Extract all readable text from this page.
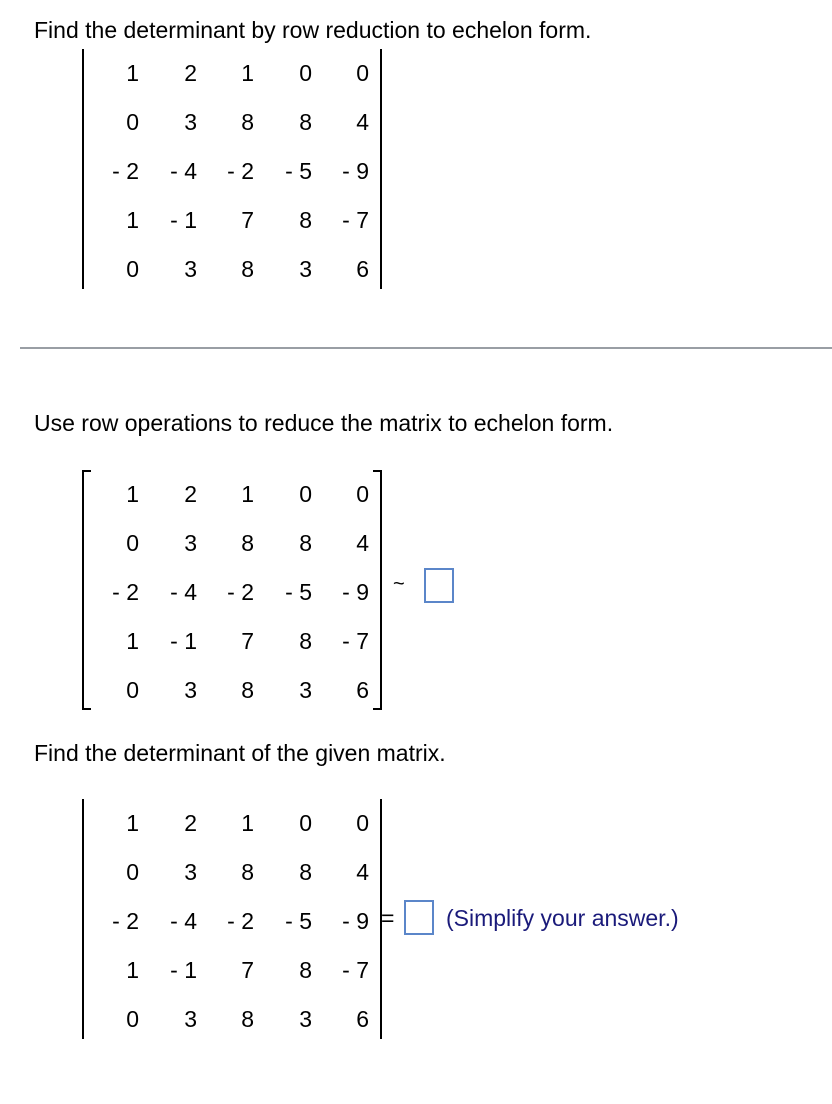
Find the determinant by row reduction to echelon form.
1	2	1	0	0
0	3	8	8	4
- 2	- 4	- 2	- 5	- 9
1	- 1	7	8	- 7
0	3	8	3	6
Use row operations to reduce the matrix to echelon form.
1	2	1	0	0
0	3	8	8	4
- 2	- 4	- 2	- 5	- 9
1	- 1	7	8	- 7
0	3	8	3	6
~
Find the determinant of the given matrix.
1	2	1	0	0
0	3	8	8	4
- 2	- 4	- 2	- 5	- 9
1	- 1	7	8	- 7
0	3	8	3	6
= (Simplify your answer.)
